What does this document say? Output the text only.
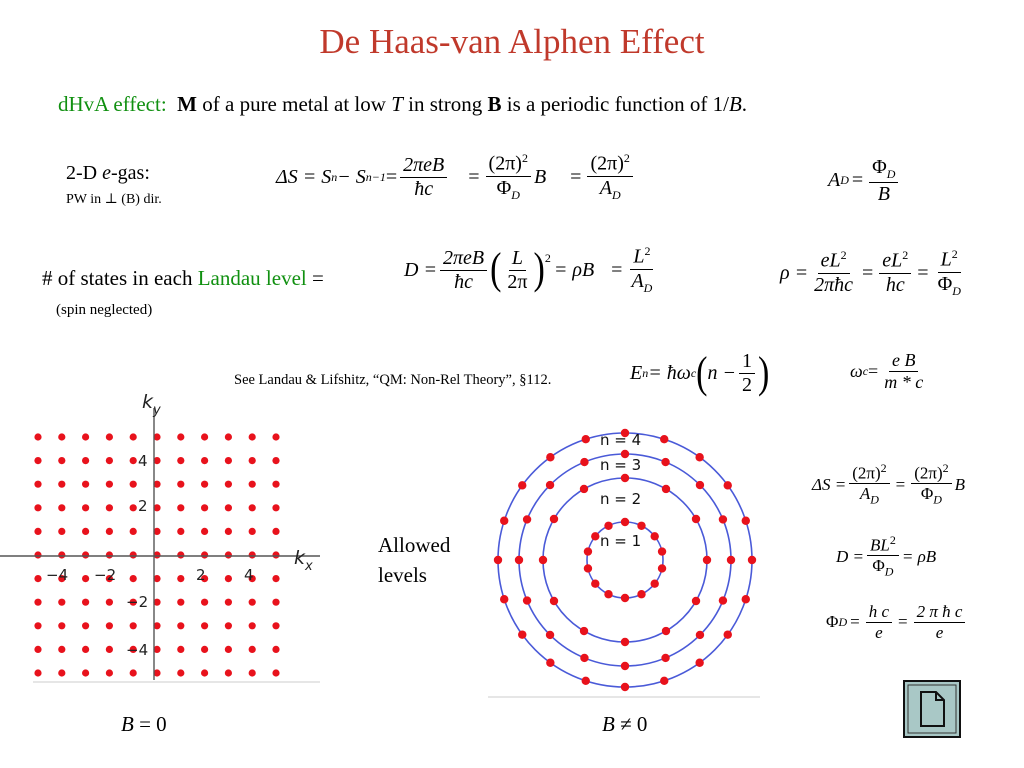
De Haas-van Alphen Effect
dHvA effect: M of a pure metal at low T in strong B is a periodic function of 1/B.
2-D e-gas:
PW in ⊥ (B) dir.
ΔS = S n − S $n-1 = \frac{\text{2πeB}}{ħc} = \frac{(2\pi)^2}{\Phi_D}$ $B = \frac{(2\pi)^2}{A_D}$	A $D = \frac{\Phi_D}{B}$
# of states in each Landau level =
(spin neglected)
$D = \frac{\text{2πeB}}{ħc}$ ( $\frac{L}{2\pi} )^2$
= $\rho B = \frac{L^2}{A_D}$	$\rho = \frac{eL^2}{\text{2πħc}} = \frac{eL^2}{hc} = \frac{L^2}{\Phi_D}$
See Landau & Lifshitz, “QM: Non-Rel Theory”, §112.	E n = ħω c ( $n - \frac{1}{2}$ )	ω $c = \frac{\text{e B}}{m * c}$
$k_y$
$k_x$
−4 −2	2	4
4
2
−2
−4
B = 0
Allowed
levels
n = 4
n = 3
n = 2
n = 1
B ≠ 0
$\Delta S = \frac{(2\pi)^2}{A_D} = \frac{(2\pi)^2}{\Phi_D}$ B
$D = \frac{BL^2}{\Phi_D} = \rho B$
Φ $D = \frac{\text{h c}}{e} = \frac{\text{2 π ħ c}}{e}$
